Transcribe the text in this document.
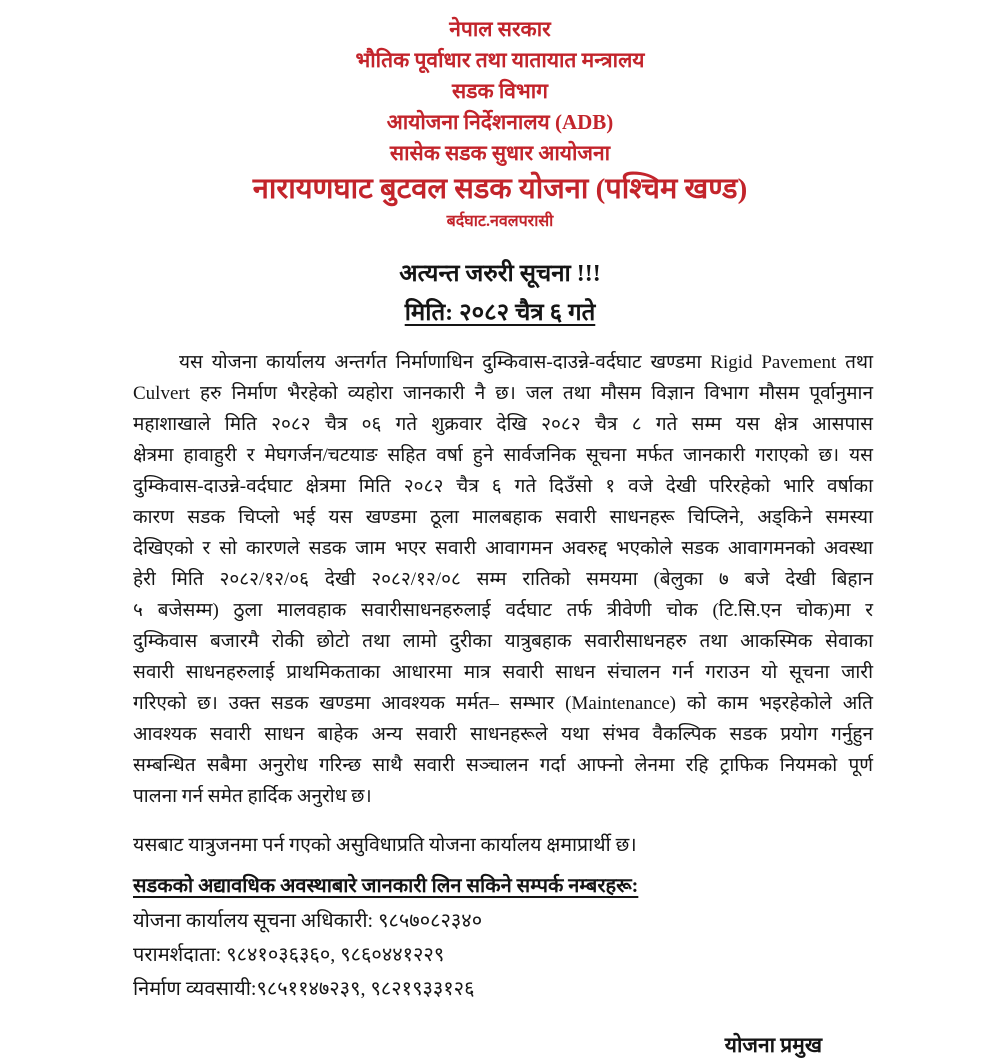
नेपाल सरकार
भौतिक पूर्वाधार तथा यातायात मन्त्रालय
सडक विभाग
आयोजना निर्देशनालय (ADB)
सासेक सडक सुधार आयोजना
नारायणघाट बुटवल सडक योजना (पश्चिम खण्ड)
बर्दघाट.नवलपरासी
अत्यन्त जरुरी सूचना !!!
मिति: २०८२ चैत्र ६ गते
यस योजना कार्यालय अन्तर्गत निर्माणाधिन दुम्किवास-दाउन्ने-वर्दघाट खण्डमा Rigid Pavement तथा
Culvert हरु निर्माण भैरहेको व्यहोरा जानकारी नै छ। जल तथा मौसम विज्ञान विभाग मौसम पूर्वानुमान
महाशाखाले मिति २०८२ चैत्र ०६ गते शुक्रवार देखि २०८२ चैत्र ८ गते सम्म यस क्षेत्र आसपास
क्षेत्रमा हावाहुरी र मेघगर्जन/चटयाङ सहित वर्षा हुने सार्वजनिक सूचना मर्फत जानकारी गराएको छ। यस
दुम्किवास-दाउन्ने-वर्दघाट क्षेत्रमा मिति २०८२ चैत्र ६ गते दिउँसो १ वजे देखी परिरहेको भारि वर्षाका
कारण सडक चिप्लो भई यस खण्डमा ठूला मालबहाक सवारी साधनहरू चिप्लिने, अड्किने समस्या
देखिएको र सो कारणले सडक जाम भएर सवारी आवागमन अवरुद्द भएकोले सडक आवागमनको अवस्था
हेरी मिति २०८२/१२/०६ देखी २०८२/१२/०८ सम्म रातिको समयमा (बेलुका ७ बजे देखी बिहान
५ बजेसम्म) ठुला मालवहाक सवारीसाधनहरुलाई वर्दघाट तर्फ त्रीवेणी चोक (टि.सि.एन चोक)मा र
दुम्किवास बजारमै रोकी छोटो तथा लामो दुरीका यात्रुबहाक सवारीसाधनहरु तथा आकस्मिक सेवाका
सवारी साधनहरुलाई प्राथमिकताका आधारमा मात्र सवारी साधन संचालन गर्न गराउन यो सूचना जारी
गरिएको छ। उक्त सडक खण्डमा आवश्यक मर्मत– सम्भार (Maintenance) को काम भइरहेकोले अति
आवश्यक सवारी साधन बाहेक अन्य सवारी साधनहरूले यथा संभव वैकल्पिक सडक प्रयोग गर्नुहुन
सम्बन्धित सबैमा अनुरोध गरिन्छ साथै सवारी सञ्चालन गर्दा आफ्नो लेनमा रहि ट्राफिक नियमको पूर्ण
पालना गर्न समेत हार्दिक अनुरोध छ।
यसबाट यात्रुजनमा पर्न गएको असुविधाप्रति योजना कार्यालय क्षमाप्रार्थी छ।
सडकको अद्यावधिक अवस्थाबारे जानकारी लिन सकिने सम्पर्क नम्बरहरू:
योजना कार्यालय सूचना अधिकारी: ९८५७०८२३४०
परामर्शदाता: ९८४१०३६३६०, ९८६०४४१२२९
निर्माण व्यवसायी:९८५११४७२३९, ९८२१९३३१२६
योजना प्रमुख
